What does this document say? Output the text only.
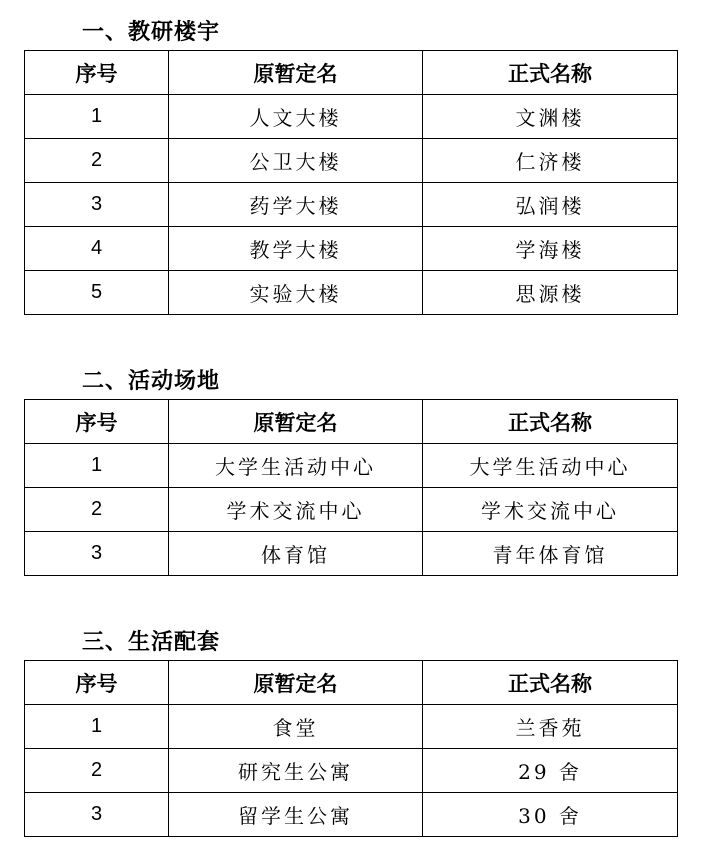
一、教研楼宇
序号	原暂定名	正式名称
1	人文大楼	文渊楼
2	公卫大楼	仁济楼
3	药学大楼	弘润楼
4	教学大楼	学海楼
5	实验大楼	思源楼
二、活动场地
序号	原暂定名	正式名称
1	大学生活动中心	大学生活动中心
2	学术交流中心	学术交流中心
3	体育馆	青年体育馆
三、生活配套
序号	原暂定名	正式名称
1	食堂	兰香苑
2	研究生公寓	29 舍
3	留学生公寓	30 舍
